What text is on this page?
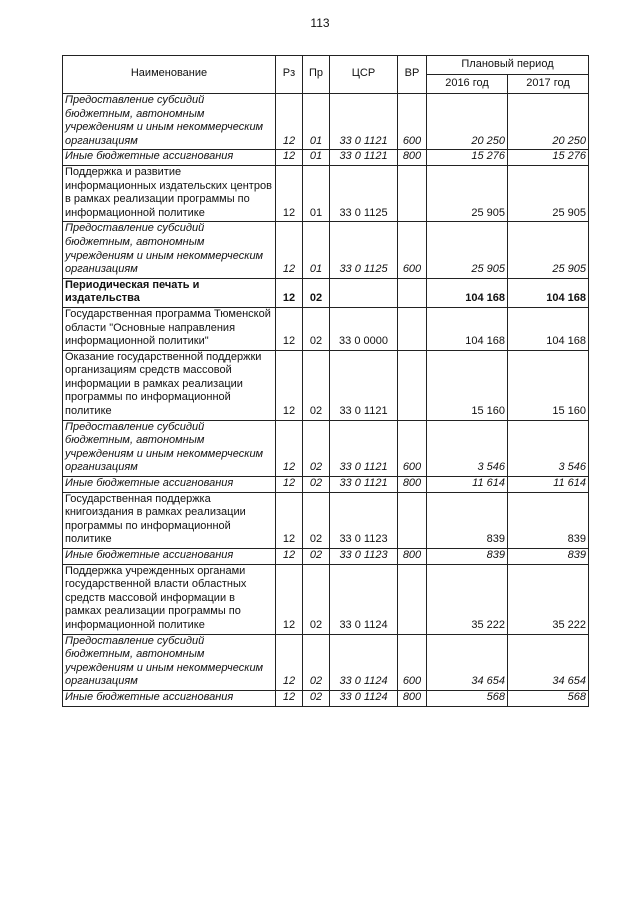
113
Наименование	Рз	Пр	ЦСР	ВР	Плановый период	
					2016 год	2017 год
Предоставление субсидий бюджетным, автономным учреждениям и иным некоммерческим организациям	12	01	33 0 1121	600	20 250	20 250
Иные бюджетные ассигнования	12	01	33 0 1121	800	15 276	15 276
Поддержка и развитие информационных издательских центров в рамках реализации программы по информационной политике	12	01	33 0 1125		25 905	25 905
Предоставление субсидий бюджетным, автономным учреждениям и иным некоммерческим организациям	12	01	33 0 1125	600	25 905	25 905
Периодическая печать и издательства	12	02			104 168	104 168
Государственная программа Тюменской области "Основные направления информационной политики"	12	02	33 0 0000		104 168	104 168
Оказание государственной поддержки организациям средств массовой информации в рамках реализации программы по информационной политике	12	02	33 0 1121		15 160	15 160
Предоставление субсидий бюджетным, автономным учреждениям и иным некоммерческим организациям	12	02	33 0 1121	600	3 546	3 546
Иные бюджетные ассигнования	12	02	33 0 1121	800	11 614	11 614
Государственная поддержка книгоиздания в рамках реализации программы по информационной политике	12	02	33 0 1123		839	839
Иные бюджетные ассигнования	12	02	33 0 1123	800	839	839
Поддержка учрежденных органами государственной власти областных средств массовой информации в рамках реализации программы по информационной политике	12	02	33 0 1124		35 222	35 222
Предоставление субсидий бюджетным, автономным учреждениям и иным некоммерческим организациям	12	02	33 0 1124	600	34 654	34 654
Иные бюджетные ассигнования	12	02	33 0 1124	800	568	568
